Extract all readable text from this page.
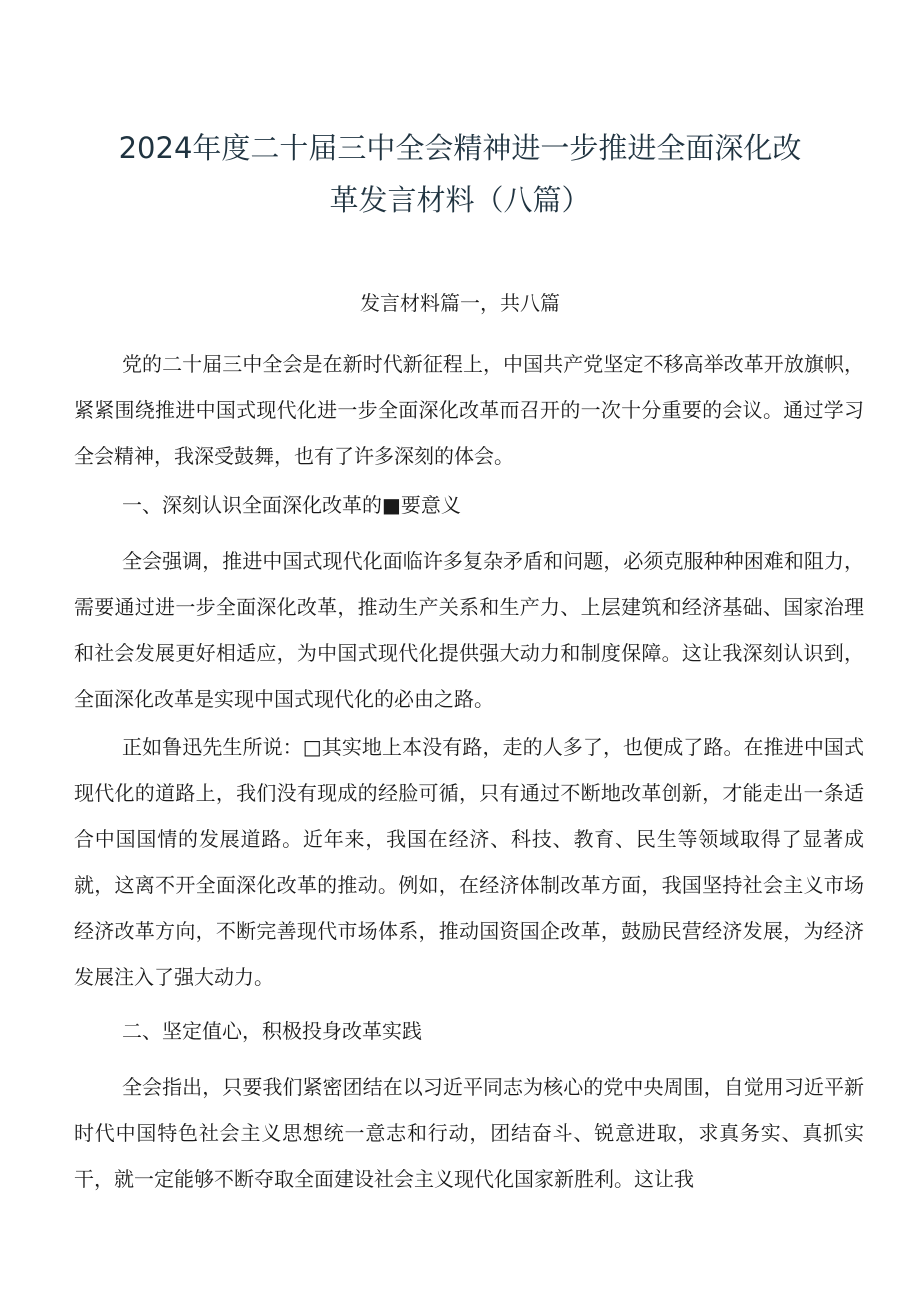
2024年度二十届三中全会精神进一步推进全面深化改
革发言材料（八篇）

发言材料篇一，共八篇

党的二十届三中全会是在新时代新征程上，中国共产党坚定不移高举改革开放旗帜，紧紧围绕推进中国式现代化进一步全面深化改革而召开的一次十分重要的会议。通过学习全会精神，我深受鼓舞，也有了许多深刻的体会。

一、深刻认识全面深化改革的■要意义

全会强调，推进中国式现代化面临许多复杂矛盾和问题，必须克服种种困难和阻力，需要通过进一步全面深化改革，推动生产关系和生产力、上层建筑和经济基础、国家治理和社会发展更好相适应，为中国式现代化提供强大动力和制度保障。这让我深刻认识到，全面深化改革是实现中国式现代化的必由之路。

正如鲁迅先生所说：□其实地上本没有路，走的人多了，也便成了路。在推进中国式现代化的道路上，我们没有现成的经脸可循，只有通过不断地改革创新，才能走出一条适合中国国情的发展道路。近年来，我国在经济、科技、教育、民生等领域取得了显著成就，这离不开全面深化改革的推动。例如，在经济体制改革方面，我国坚持社会主义市场经济改革方向，不断完善现代市场体系，推动国资国企改革，鼓励民营经济发展，为经济发展注入了强大动力。

二、坚定值心，积极投身改革实践

全会指出，只要我们紧密团结在以习近平同志为核心的党中央周围，自觉用习近平新时代中国特色社会主义思想统一意志和行动，团结奋斗、锐意进取，求真务实、真抓实干，就一定能够不断夺取全面建设社会主义现代化国家新胜利。这让我
